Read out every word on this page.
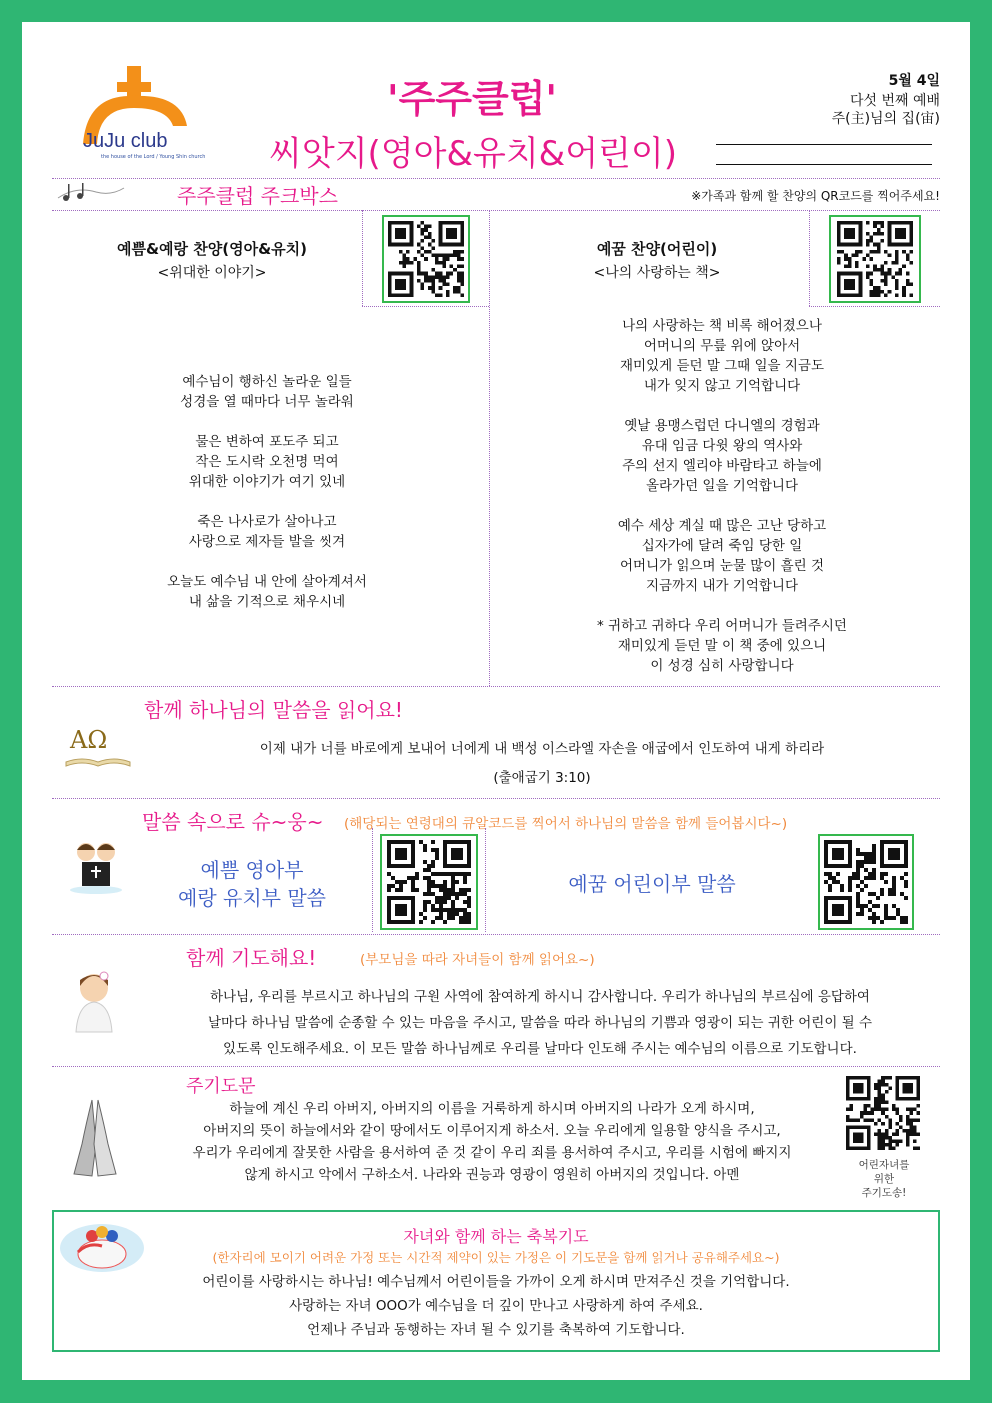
JuJu club
the house of the Lord / Young Shin church
'주주클럽'
씨앗지(영아&유치&어린이)
5월 4일
다섯 번째 예배
주(主)님의 집(宙)
주주클럽 주크박스	※가족과 함께 할 찬양의 QR코드를 찍어주세요!
예쁨&예랑 찬양(영아&유치)
<위대한 이야기>
예꿈 찬양(어린이)
<나의 사랑하는 책>
예수님이 행하신 놀라운 일들
성경을 열 때마다 너무 놀라워
물은 변하여 포도주 되고
작은 도시락 오천명 먹여
위대한 이야기가 여기 있네
죽은 나사로가 살아나고
사랑으로 제자들 발을 씻겨
오늘도 예수님 내 안에 살아계셔서
내 삶을 기적으로 채우시네
나의 사랑하는 책 비록 해어졌으나
어머니의 무릎 위에 앉아서
재미있게 듣던 말 그때 일을 지금도
내가 잊지 않고 기억합니다
옛날 용맹스럽던 다니엘의 경험과
유대 임금 다윗 왕의 역사와
주의 선지 엘리야 바람타고 하늘에
올라가던 일을 기억합니다
예수 세상 계실 때 많은 고난 당하고
십자가에 달려 죽임 당한 일
어머니가 읽으며 눈물 많이 흘린 것
지금까지 내가 기억합니다
* 귀하고 귀하다 우리 어머니가 들려주시던
재미있게 듣던 말 이 책 중에 있으니
이 성경 심히 사랑합니다
함께 하나님의 말씀을 읽어요!
AΩ	이제 내가 너를 바로에게 보내어 너에게 내 백성 이스라엘 자손을 애굽에서 인도하여 내게 하리라
(출애굽기 3:10)
말씀 속으로 슈~웅~ (해당되는 연령대의 큐알코드를 찍어서 하나님의 말씀을 함께 들어봅시다~)
예쁨 영아부
예랑 유치부 말씀
예꿈 어린이부 말씀
함께 기도해요!	(부모님을 따라 자녀들이 함께 읽어요~)
하나님, 우리를 부르시고 하나님의 구원 사역에 참여하게 하시니 감사합니다. 우리가 하나님의 부르심에 응답하여
날마다 하나님 말씀에 순종할 수 있는 마음을 주시고, 말씀을 따라 하나님의 기쁨과 영광이 되는 귀한 어린이 될 수
있도록 인도해주세요. 이 모든 말씀 하나님께로 우리를 날마다 인도해 주시는 예수님의 이름으로 기도합니다.
주기도문
하늘에 계신 우리 아버지, 아버지의 이름을 거룩하게 하시며 아버지의 나라가 오게 하시며,
아버지의 뜻이 하늘에서와 같이 땅에서도 이루어지게 하소서. 오늘 우리에게 일용할 양식을 주시고,
우리가 우리에게 잘못한 사람을 용서하여 준 것 같이 우리 죄를 용서하여 주시고, 우리를 시험에 빠지지
않게 하시고 악에서 구하소서. 나라와 권능과 영광이 영원히 아버지의 것입니다. 아멘
어린자녀를
위한
주기도송!
자녀와 함께 하는 축복기도
(한자리에 모이기 어려운 가정 또는 시간적 제약이 있는 가정은 이 기도문을 함께 읽거나 공유해주세요~)
어린이를 사랑하시는 하나님! 예수님께서 어린이들을 가까이 오게 하시며 만져주신 것을 기억합니다.
사랑하는 자녀 OOO가 예수님을 더 깊이 만나고 사랑하게 하여 주세요.
언제나 주님과 동행하는 자녀 될 수 있기를 축복하여 기도합니다.
